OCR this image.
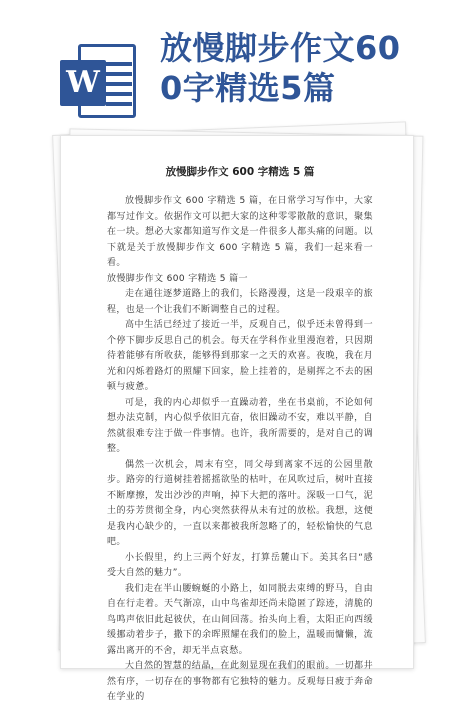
W
放慢脚步作文60
0字精选5篇
放慢脚步作文 600 字精选 5 篇

放慢脚步作文 600 字精选 5 篇，在日常学习写作中，大家都写过作文。依据作文可以把大家的这种零零散散的意识，聚集在一块。想必大家都知道写作文是一件很多人都头痛的问题。以下就是关于放慢脚步作文 600 字精选 5 篇，我们一起来看一看。

放慢脚步作文 600 字精选 5 篇一

走在通往逐梦道路上的我们，长路漫漫，这是一段艰辛的旅程，也是一个让我们不断调整自己的过程。

高中生活已经过了接近一半，反观自己，似乎还未曾得到一个停下脚步反思自己的机会。每天在学科作业里漫泡着，只因期待着能够有所收获，能够得到那家一之天的欢喜。夜晚，我在月光和闪烁着路灯的照耀下回家，脸上挂着的，是剔挥之不去的困顿与疲惫。

可是，我的内心却似乎一直躁动着，坐在书桌前，不论如何想办法克制，内心似乎依旧亢奋，依旧躁动不安，难以平静，自然就很难专注于做一件事情。也许，我所需要的，是对自己的调整。

偶然一次机会，周末有空，同父母到离家不远的公园里散步。路旁的行道树挂着摇摇欲坠的枯叶，在风吹过后，树叶直接不断摩擦，发出沙沙的声响，掉下大把的落叶。深吸一口气，泥土的芬芳贯彻全身，内心突然获得从未有过的放松。我想，这便是我内心缺少的，一直以来都被我所忽略了的，轻松愉快的气息吧。

小长假里，约上三两个好友，打算岳麓山下。美其名曰“感受大自然的魅力”。

我们走在半山腰蜿蜒的小路上，如同脱去束缚的野马，自由自在行走着。天气渐凉，山中鸟雀却还尚未隐匿了踪迹，清脆的鸟鸣声依旧此起彼伏，在山间回荡。抬头向上看，太阳正向西缓缓挪动着步子，撒下的余晖照耀在我们的脸上，温暖而慵懒，流露出离开的不舍，却无半点哀愁。

大自然的智慧的结晶，在此刻显现在我们的眼前。一切都井然有序，一切存在的事物都有它独特的魅力。反观每日疲于奔命在学业的
